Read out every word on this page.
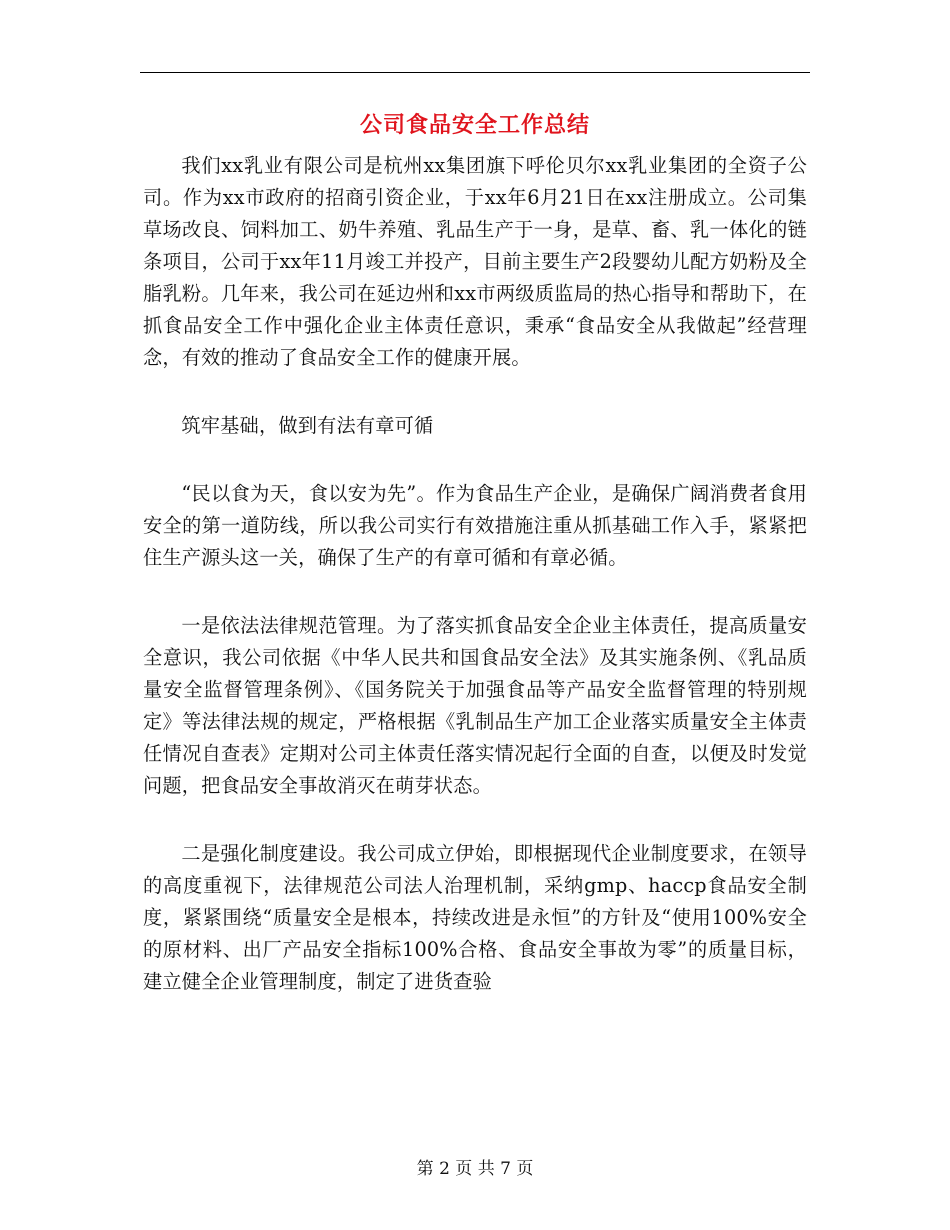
公司食品安全工作总结

我们xx乳业有限公司是杭州xx集团旗下呼伦贝尔xx乳业集团的全资子公司。作为xx市政府的招商引资企业，于xx年6月21日在xx注册成立。公司集草场改良、饲料加工、奶牛养殖、乳品生产于一身，是草、畜、乳一体化的链条项目，公司于xx年11月竣工并投产，目前主要生产2段婴幼儿配方奶粉及全脂乳粉。几年来，我公司在延边州和xx市两级质监局的热心指导和帮助下，在抓食品安全工作中强化企业主体责任意识，秉承“食品安全从我做起”经营理念，有效的推动了食品安全工作的健康开展。

筑牢基础，做到有法有章可循

“民以食为天，食以安为先”。作为食品生产企业，是确保广阔消费者食用安全的第一道防线，所以我公司实行有效措施注重从抓基础工作入手，紧紧把住生产源头这一关，确保了生产的有章可循和有章必循。

一是依法法律规范管理。为了落实抓食品安全企业主体责任，提高质量安全意识，我公司依据《中华人民共和国食品安全法》及其实施条例、《乳品质量安全监督管理条例》、《国务院关于加强食品等产品安全监督管理的特别规定》等法律法规的规定，严格根据《乳制品生产加工企业落实质量安全主体责任情况自查表》定期对公司主体责任落实情况起行全面的自查，以便及时发觉问题，把食品安全事故消灭在萌芽状态。

二是强化制度建设。我公司成立伊始，即根据现代企业制度要求，在领导的高度重视下，法律规范公司法人治理机制，采纳gmp、haccp食品安全制度，紧紧围绕“质量安全是根本，持续改进是永恒”的方针及“使用100%安全的原材料、出厂产品安全指标100%合格、食品安全事故为零”的质量目标，建立健全企业管理制度，制定了进货查验

第 2 页 共 7 页
